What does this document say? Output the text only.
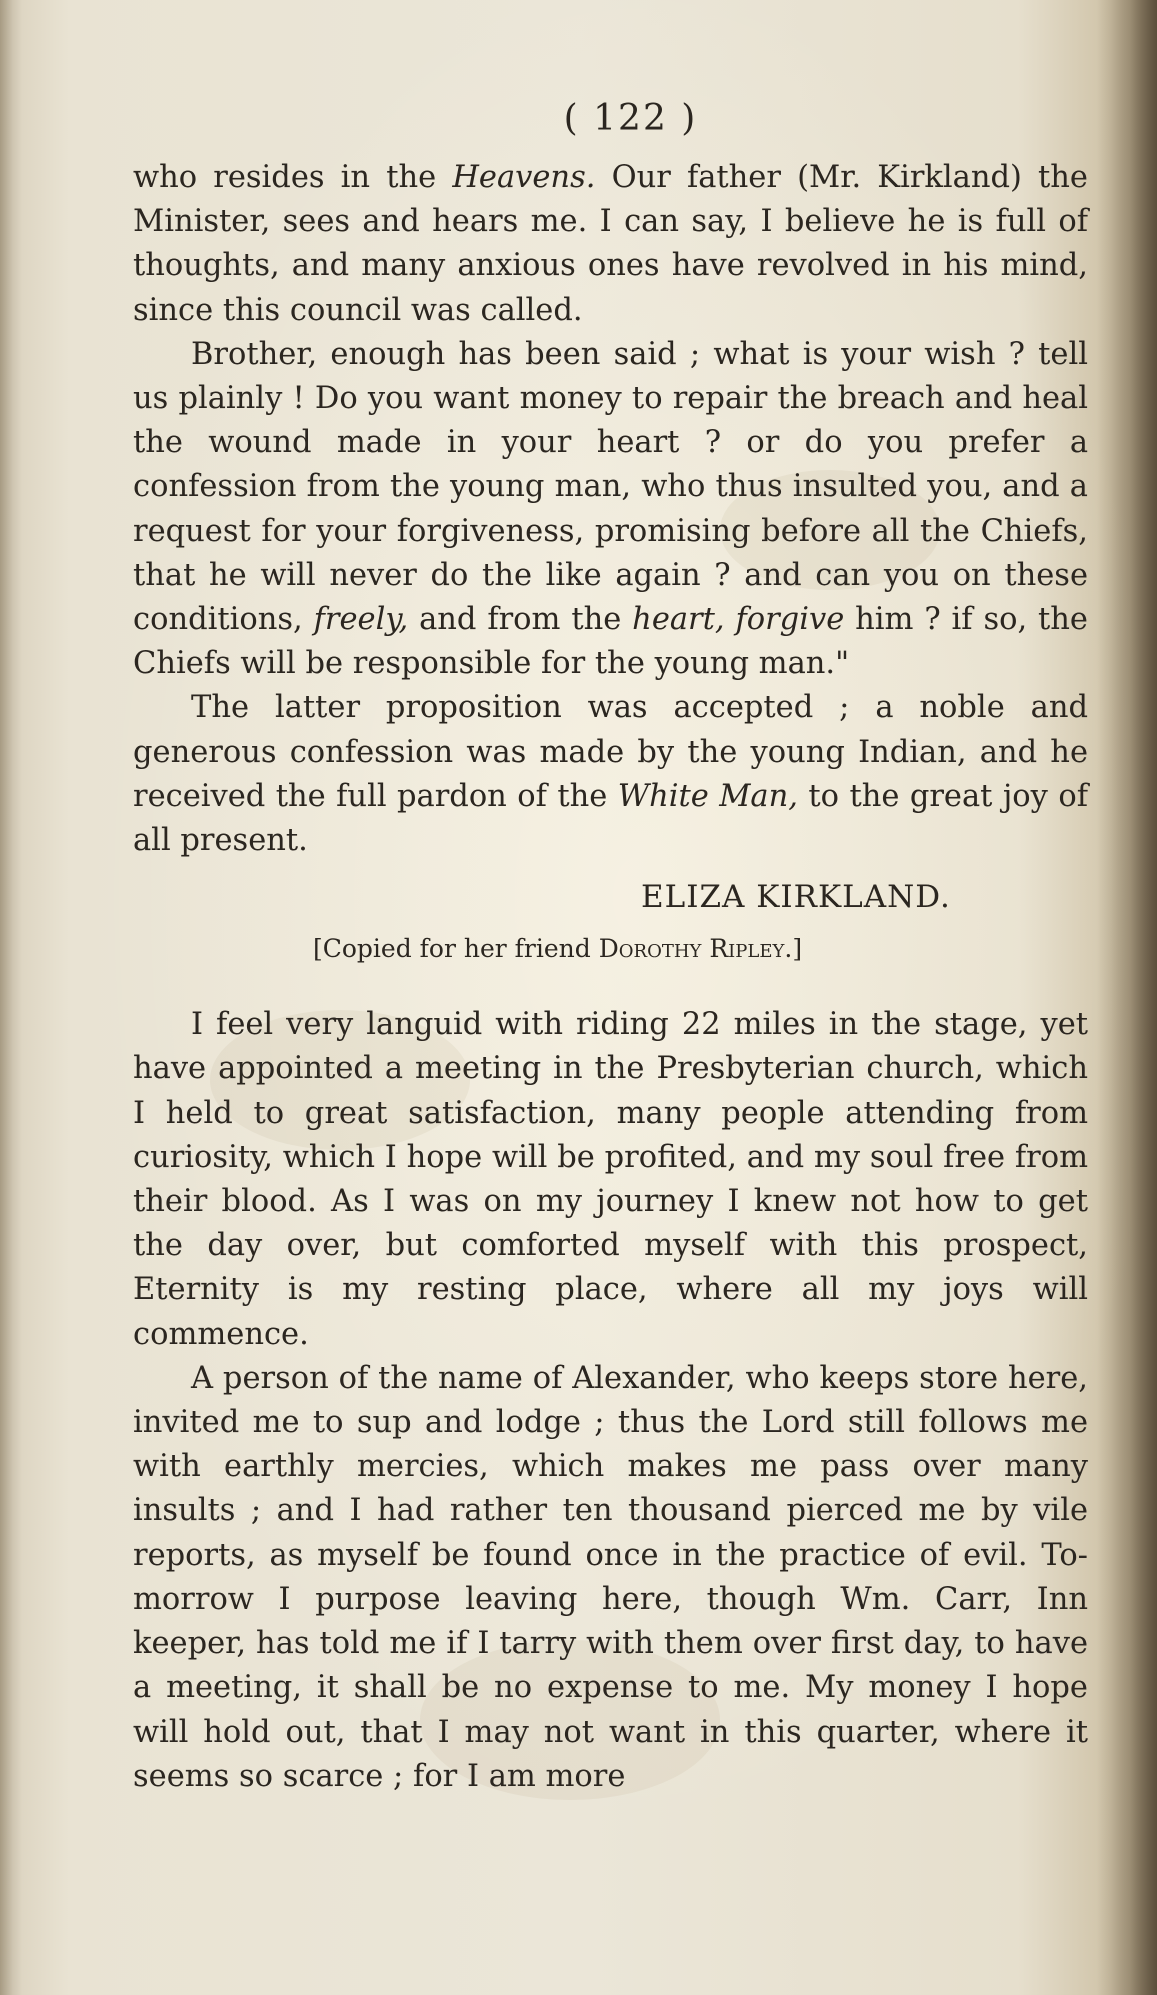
( 122 )

who resides in the Heavens. Our father (Mr. Kirkland) the Minister, sees and hears me. I can say, I believe he is full of thoughts, and many anxious ones have revolved in his mind, since this council was called.

Brother, enough has been said ; what is your wish ? tell us plainly ! Do you want money to repair the breach and heal the wound made in your heart ? or do you prefer a confession from the young man, who thus insulted you, and a request for your forgiveness, promising before all the Chiefs, that he will never do the like again ? and can you on these conditions, freely, and from the heart, forgive him ? if so, the Chiefs will be responsible for the young man."

The latter proposition was accepted ; a noble and generous confession was made by the young Indian, and he received the full pardon of the White Man, to the great joy of all present.

ELIZA KIRKLAND.
[Copied for her friend Dorothy Ripley.]

I feel very languid with riding 22 miles in the stage, yet have appointed a meeting in the Presbyterian church, which I held to great satisfaction, many people attending from curiosity, which I hope will be profited, and my soul free from their blood. As I was on my journey I knew not how to get the day over, but comforted myself with this prospect, Eternity is my resting place, where all my joys will commence.

A person of the name of Alexander, who keeps store here, invited me to sup and lodge ; thus the Lord still follows me with earthly mercies, which makes me pass over many insults ; and I had rather ten thousand pierced me by vile reports, as myself be found once in the practice of evil. To-morrow I purpose leaving here, though Wm. Carr, Inn keeper, has told me if I tarry with them over first day, to have a meeting, it shall be no expense to me. My money I hope will hold out, that I may not want in this quarter, where it seems so scarce ; for I am more
